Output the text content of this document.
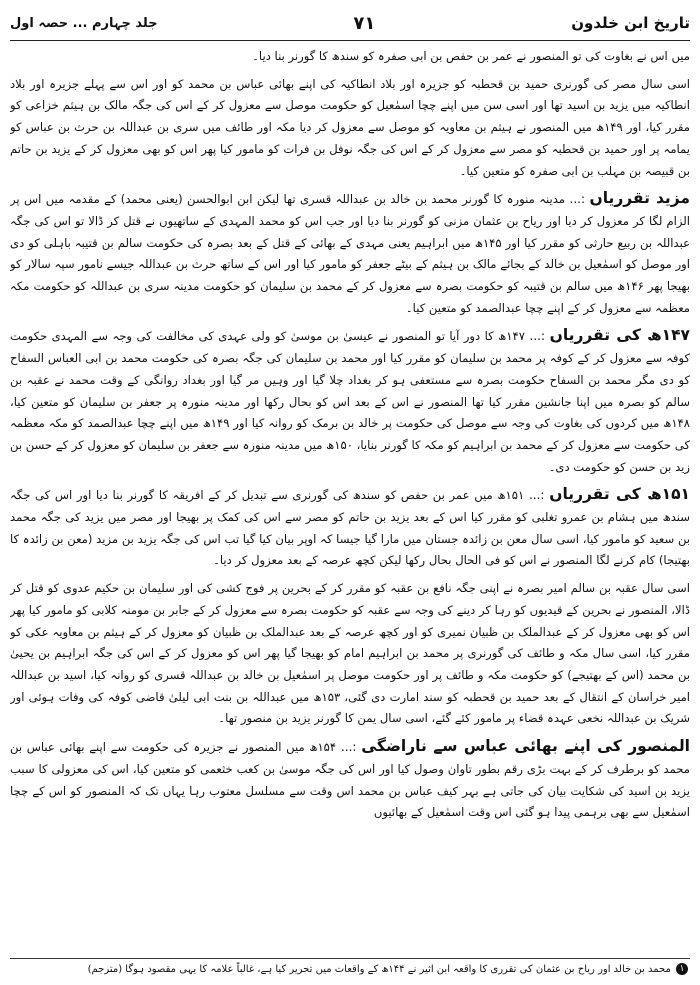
جلد چہارم ... حصہ اول	۷۱	تاریخ ابن خلدون

میں اس نے بغاوت کی تو المنصور نے عمر بن حفص بن ابی صفرہ کو سندھ کا گورنر بنا دیا۔

اسی سال مصر کی گورنری حمید بن قحطبہ کو جزیرہ اور بلاد انطاکیہ کی اپنے بھائی عباس بن محمد کو اور اس سے پہلے جزیرہ اور بلاد انطاکیہ میں یزید بن اسید تھا اور اسی سن میں اپنے چچا اسمٰعیل کو حکومت موصل سے معزول کر کے اس کی جگہ مالک بن ہیثم خزاعی کو مقرر کیا، اور ۱۴۹ھ میں المنصور نے ہیثم بن معاویہ کو موصل سے معزول کر دیا مکہ اور طائف میں سری بن عبداللہ بن حرث بن عباس کو یمامہ پر اور حمید بن قحطبہ کو مصر سے معزول کر کے اس کی جگہ نوفل بن فرات کو مامور کیا پھر اس کو بھی معزول کر کے یزید بن حاتم بن قبیصہ بن مہلب بن ابی صفرہ کو متعین کیا۔

مزید تقرریاں :... مدینہ منورہ کا گورنر محمد بن خالد بن عبداللہ قسری تھا لیکن ابن ابوالحسن (یعنی محمد) کے مقدمہ میں اس پر الزام لگا کر معزول کر دیا اور ریاح بن عثمان مزنی کو گورنر بنا دیا اور جب اس کو محمد المہدی کے ساتھیوں نے قتل کر ڈالا تو اس کی جگہ عبداللہ بن ربیع حارثی کو مقرر کیا اور ۱۴۵ھ میں ابراہیم یعنی مہدی کے بھائی کے قتل کے بعد بصرہ کی حکومت سالم بن قتیبہ باہلی کو دی اور موصل کو اسمٰعیل بن خالد کے بجائے مالک بن ہیثم کے بیٹے جعفر کو مامور کیا اور اس کے ساتھ حرث بن عبداللہ جیسے نامور سپہ سالار کو بھیجا پھر ۱۴۶ھ میں سالم بن قتیبہ کو حکومت بصرہ سے معزول کر کے محمد بن سلیمان کو حکومت مدینہ سری بن عبداللہ کو حکومت مکہ معظمہ سے معزول کر کے اپنے چچا عبدالصمد کو متعین کیا۔

۱۴۷ھ کی تقرریاں :... ۱۴۷ھ کا دور آیا تو المنصور نے عیسیٰ بن موسیٰ کو ولی عہدی کی مخالفت کی وجہ سے المہدی حکومت کوفہ سے معزول کر کے کوفہ پر محمد بن سلیمان کو مقرر کیا اور محمد بن سلیمان کی جگہ بصرہ کی حکومت محمد بن ابی العباس السفاح کو دی مگر محمد بن السفاح حکومت بصرہ سے مستعفی ہو کر بغداد چلا گیا اور وہیں مر گیا اور بغداد روانگی کے وقت محمد نے عقبہ بن سالم کو بصرہ میں اپنا جانشین مقرر کیا تھا المنصور نے اس کے بعد اس کو بحال رکھا اور مدینہ منورہ پر جعفر بن سلیمان کو متعین کیا، ۱۴۸ھ میں کردوں کی بغاوت کی وجہ سے موصل کی حکومت پر خالد بن برمک کو روانہ کیا اور ۱۴۹ھ میں اپنے چچا عبدالصمد کو مکہ معظمہ کی حکومت سے معزول کر کے محمد بن ابراہیم کو مکہ کا گورنر بنایا، ۱۵۰ھ میں مدینہ منورہ سے جعفر بن سلیمان کو معزول کر کے حسن بن زید بن حسن کو حکومت دی۔

۱۵۱ھ کی تقرریاں :... ۱۵۱ھ میں عمر بن حفص کو سندھ کی گورنری سے تبدیل کر کے افریقہ کا گورنر بنا دیا اور اس کی جگہ سندھ میں ہشام بن عمرو تغلبی کو مقرر کیا اس کے بعد یزید بن حاتم کو مصر سے اس کی کمک پر بھیجا اور مصر میں یزید کی جگہ محمد بن سعید کو مامور کیا، اسی سال معن بن زائدہ جستان میں مارا گیا جیسا کہ اوپر بیان کیا گیا تب اس کی جگہ یزید بن مزید (معن بن زائدہ کا بھتیجا) کام کرنے لگا المنصور نے اس کو فی الحال بحال رکھا لیکن کچھ عرصہ کے بعد معزول کر دیا۔

اسی سال عقبہ بن سالم امیر بصرہ نے اپنی جگہ نافع بن عقبہ کو مقرر کر کے بحرین پر فوج کشی کی اور سلیمان بن حکیم عدوی کو قتل کر ڈالا، المنصور نے بحرین کے قیدیوں کو رہا کر دینے کی وجہ سے عقبہ کو حکومت بصرہ سے معزول کر کے جابر بن مومنہ کلابی کو مامور کیا پھر اس کو بھی معزول کر کے عبدالملک بن ظبیان نمیری کو اور کچھ عرصہ کے بعد عبدالملک بن ظبیان کو معزول کر کے ہیثم بن معاویہ عکی کو مقرر کیا، اسی سال مکہ و طائف کی گورنری پر محمد بن ابراہیم امام کو بھیجا گیا پھر اس کو معزول کر کے اس کی جگہ ابراہیم بن یحییٰ بن محمد (اس کے بھتیجے) کو حکومت مکہ و طائف پر اور حکومت موصل پر اسمٰعیل بن خالد بن عبداللہ قسری کو روانہ کیا، اسید بن عبداللہ امیر خراسان کے انتقال کے بعد حمید بن قحطبہ کو سند امارت دی گئی، ۱۵۳ھ میں عبداللہ بن بنت ابی لیلیٰ قاضی کوفہ کی وفات ہوئی اور شریک بن عبداللہ نخعی عہدہ قضاء پر مامور کئے گئے، اسی سال یمن کا گورنر یزید بن منصور تھا۔

المنصور کی اپنے بھائی عباس سے ناراضگی :... ۱۵۴ھ میں المنصور نے جزیرہ کی حکومت سے اپنے بھائی عباس بن محمد کو برطرف کر کے بہت بڑی رقم بطور تاوان وصول کیا اور اس کی جگہ موسیٰ بن کعب خثعمی کو متعین کیا، اس کی معزولی کا سبب یزید بن اسید کی شکایت بیان کی جاتی ہے بہر کیف عباس بن محمد اس وقت سے مسلسل معتوب رہا یہاں تک کہ المنصور کو اس کے چچا اسمٰعیل سے بھی برہمی پیدا ہو گئی اس وقت اسمٰعیل کے بھائیوں

۱ محمد بن خالد اور ریاح بن عثمان کی تقرری کا واقعہ ابن اثیر نے ۱۴۴ھ کے واقعات میں تحریر کیا ہے، غالباً علامہ کا یہی مقصود ہوگا (مترجم)
